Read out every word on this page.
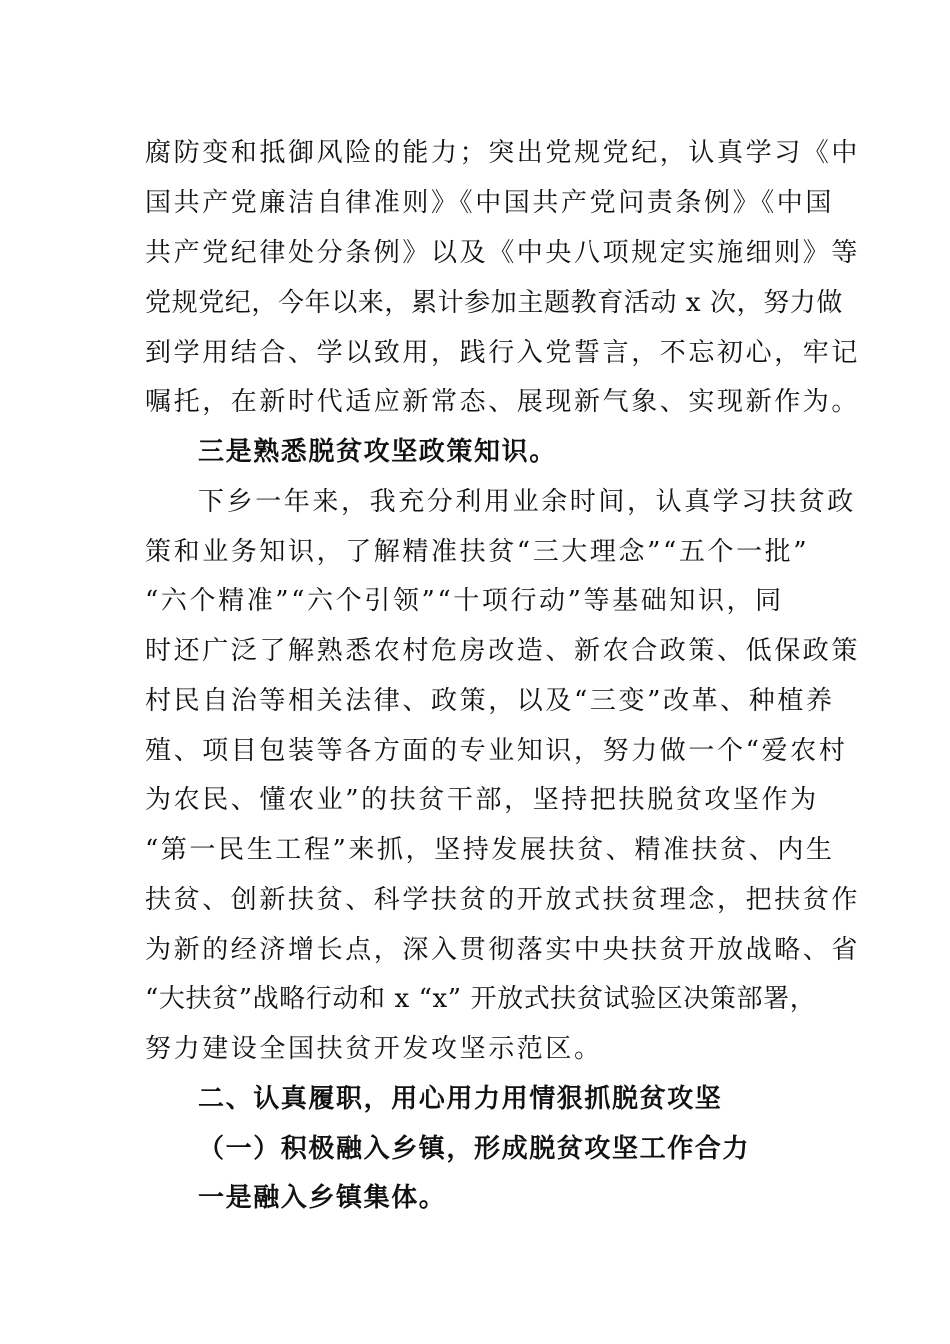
腐防变和抵御风险的能力；突出党规党纪，认真学习《中
国共产党廉洁自律准则》《中国共产党问责条例》《中国
共产党纪律处分条例》以及《中央八项规定实施细则》等
党规党纪，今年以来，累计参加主题教育活动 x 次，努力做
到学用结合、学以致用，践行入党誓言，不忘初心，牢记
嘱托，在新时代适应新常态、展现新气象、实现新作为。
三是熟悉脱贫攻坚政策知识。
下乡一年来，我充分利用业余时间，认真学习扶贫政
策和业务知识，了解精准扶贫“三大理念”“五个一批”
“六个精准”“六个引领”“十项行动”等基础知识，同
时还广泛了解熟悉农村危房改造、新农合政策、低保政策
村民自治等相关法律、政策，以及“三变”改革、种植养
殖、项目包装等各方面的专业知识，努力做一个“爱农村
为农民、懂农业”的扶贫干部，坚持把扶脱贫攻坚作为
“第一民生工程”来抓，坚持发展扶贫、精准扶贫、内生
扶贫、创新扶贫、科学扶贫的开放式扶贫理念，把扶贫作
为新的经济增长点，深入贯彻落实中央扶贫开放战略、省
“大扶贫”战略行动和 x “x” 开放式扶贫试验区决策部署，
努力建设全国扶贫开发攻坚示范区。
二、认真履职，用心用力用情狠抓脱贫攻坚
（一）积极融入乡镇，形成脱贫攻坚工作合力
一是融入乡镇集体。
